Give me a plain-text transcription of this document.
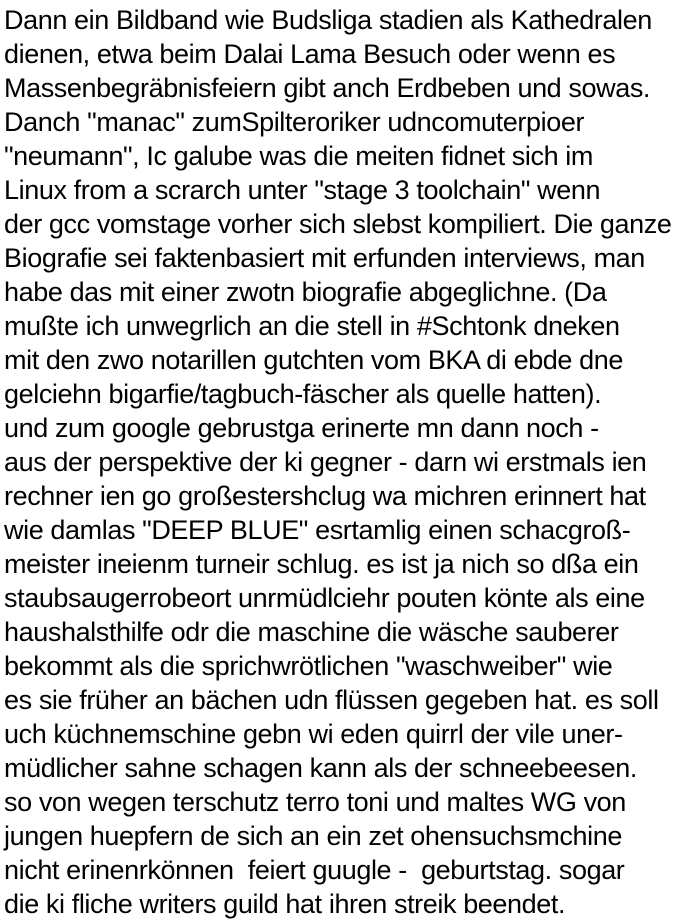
Dann ein Bildband wie Budsliga stadien als Kathedralen
dienen, etwa beim Dalai Lama Besuch oder wenn es
Massenbegräbnisfeiern gibt anch Erdbeben und sowas.
Danch "manac" zumSpilteroriker udncomuterpioer
"neumann", Ic galube was die meiten fidnet sich im
Linux from a scrarch unter "stage 3 toolchain" wenn
der gcc vomstage vorher sich slebst kompiliert. Die ganze
Biografie sei faktenbasiert mit erfunden interviews, man
habe das mit einer zwotn biografie abgeglichne. (Da
mußte ich unwegrlich an die stell in #Schtonk dneken
mit den zwo notarillen gutchten vom BKA di ebde dne
gelciehn bigarfie/tagbuch-fäscher als quelle hatten).
und zum google gebrustga erinerte mn dann noch -
aus der perspektive der ki gegner - darn wi erstmals ien
rechner ien go großestershclug wa michren erinnert hat
wie damlas "DEEP BLUE" esrtamlig einen schacgroß-
meister ineienm turneir schlug. es ist ja nich so dßa ein
staubsaugerrobeort unrmüdlciehr pouten könte als eine
haushalsthilfe odr die maschine die wäsche sauberer
bekommt als die sprichwrötlichen "waschweiber" wie
es sie früher an bächen udn flüssen gegeben hat. es soll
uch küchnemschine gebn wi eden quirrl der vile uner-
müdlicher sahne schagen kann als der schneebeesen.
so von wegen terschutz terro toni und maltes WG von
jungen huepfern de sich an ein zet ohensuchsmchine
nicht erinenrkönnen  feiert guugle -  geburtstag. sogar
die ki fliche writers guild hat ihren streik beendet.
